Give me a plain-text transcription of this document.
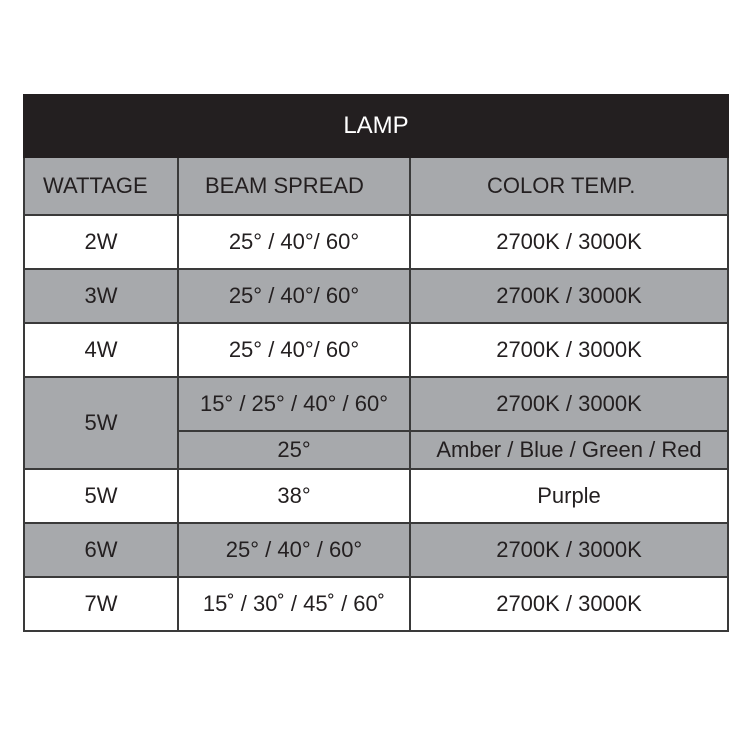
LAMP		
WATTAGE	BEAM SPREAD	COLOR TEMP.
2W	25° / 40°/ 60°	2700K / 3000K
3W	25° / 40°/ 60°	2700K / 3000K
4W	25° / 40°/ 60°	2700K / 3000K
5W	15° / 25° / 40° / 60°	2700K / 3000K
	25°	Amber / Blue / Green / Red
5W	38°	Purple
6W	25° / 40° / 60°	2700K / 3000K
7W	15˚ / 30˚ / 45˚ / 60˚	2700K / 3000K
